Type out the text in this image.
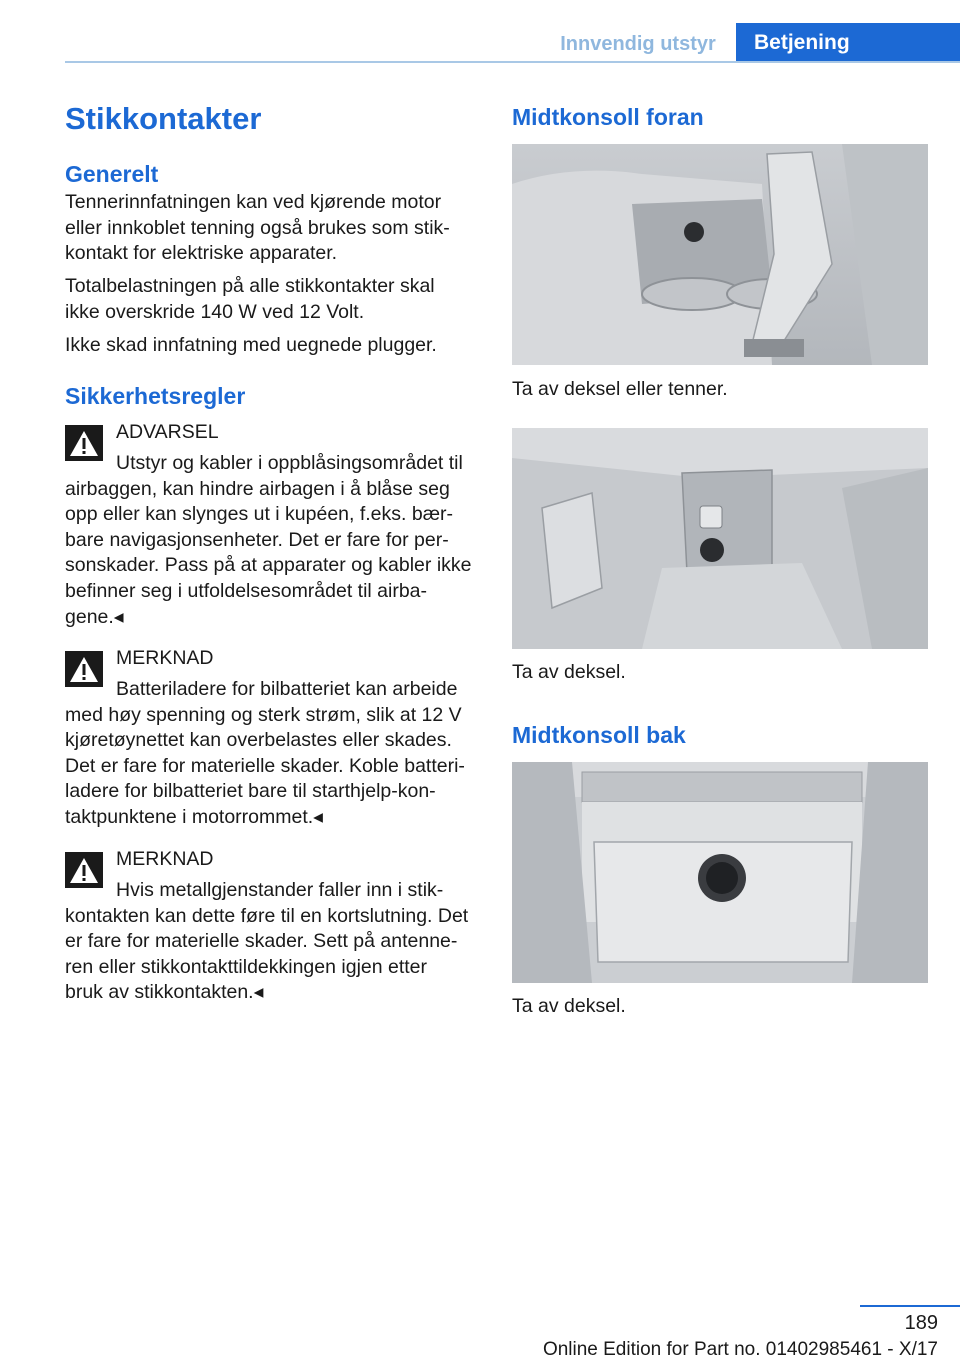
Innvendig utstyr	Betjening
Stikkontakter
Generelt

Tennerinnfatningen kan ved kjørende motor
eller innkoblet tenning også brukes som stik‐
kontakt for elektriske apparater.

Totalbelastningen på alle stikkontakter skal
ikke overskride 140 W ved 12 Volt.

Ikke skad innfatning med uegnede plugger.

Sikkerhetsregler

ADVARSEL

Utstyr og kabler i oppblåsingsområdet til
airbaggen, kan hindre airbagen i å blåse seg
opp eller kan slynges ut i kupéen, f.eks. bær‐
bare navigasjonsenheter. Det er fare for per‐
sonskader. Pass på at apparater og kabler ikke
befinner seg i utfoldelsesområdet til airba‐
gene.◂

MERKNAD

Batteriladere for bilbatteriet kan arbeide
med høy spenning og sterk strøm, slik at 12 V
kjøretøynettet kan overbelastes eller skades.
Det er fare for materielle skader. Koble batteri‐
ladere for bilbatteriet bare til starthjelp-kon‐
taktpunktene i motorrommet.◂

MERKNAD

Hvis metallgjenstander faller inn i stik‐
kontakten kan dette føre til en kortslutning. Det
er fare for materielle skader. Sett på antenne‐
ren eller stikkontakttildekkingen igjen etter
bruk av stikkontakten.◂

Midtkonsoll foran

Ta av deksel eller tenner.

Ta av deksel.

Midtkonsoll bak

Ta av deksel.

189
Online Edition for Part no. 01402985461 - X/17
